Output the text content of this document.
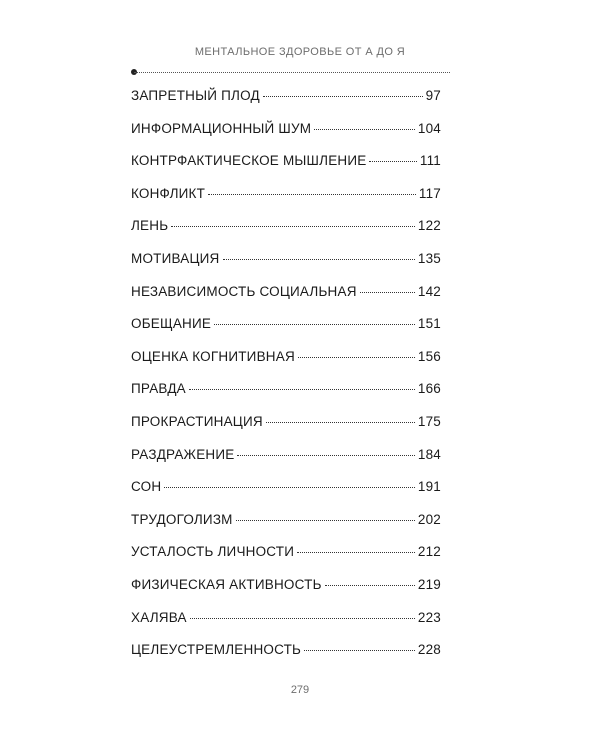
МЕНТАЛЬНОЕ ЗДОРОВЬЕ ОТ А ДО Я
ЗАПРЕТНЫЙ ПЛОД	97
ИНФОРМАЦИОННЫЙ ШУМ	104
КОНТРФАКТИЧЕСКОЕ МЫШЛЕНИЕ	111
КОНФЛИКТ	117
ЛЕНЬ	122
МОТИВАЦИЯ	135
НЕЗАВИСИМОСТЬ СОЦИАЛЬНАЯ	142
ОБЕЩАНИЕ	151
ОЦЕНКА КОГНИТИВНАЯ	156
ПРАВДА	166
ПРОКРАСТИНАЦИЯ	175
РАЗДРАЖЕНИЕ	184
СОН	191
ТРУДОГОЛИЗМ	202
УСТАЛОСТЬ ЛИЧНОСТИ	212
ФИЗИЧЕСКАЯ АКТИВНОСТЬ	219
ХАЛЯВА	223
ЦЕЛЕУСТРЕМЛЕННОСТЬ	228
279
